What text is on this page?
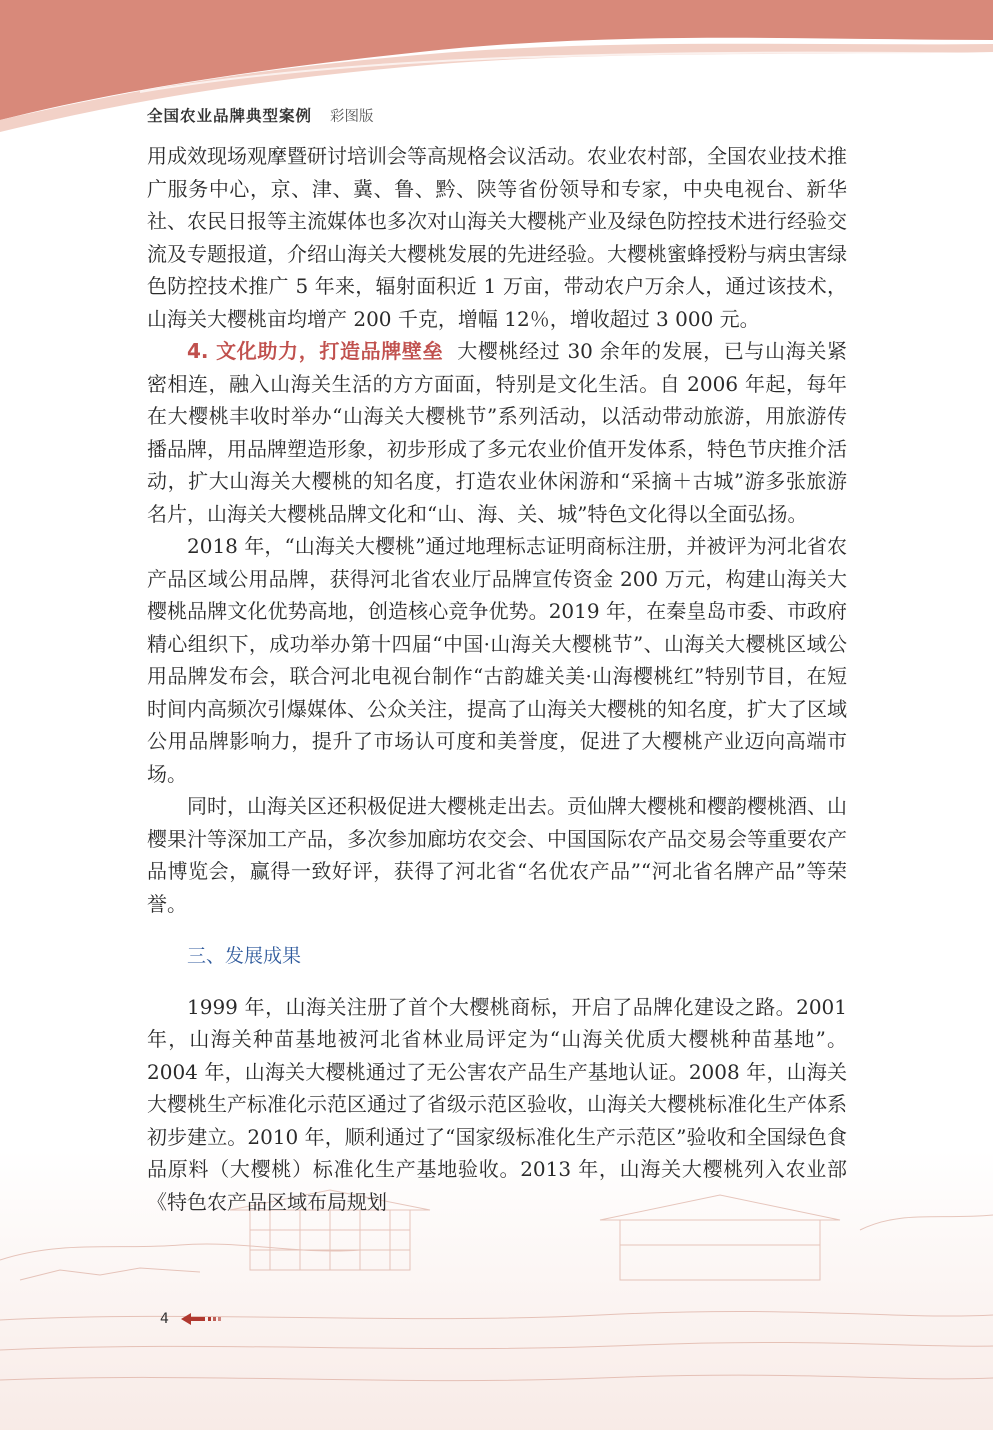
全国农业品牌典型案例 彩图版

用成效现场观摩暨研讨培训会等高规格会议活动。农业农村部，全国农业技术推广服务中心，京、津、冀、鲁、黔、陕等省份领导和专家，中央电视台、新华社、农民日报等主流媒体也多次对山海关大樱桃产业及绿色防控技术进行经验交流及专题报道，介绍山海关大樱桃发展的先进经验。大樱桃蜜蜂授粉与病虫害绿色防控技术推广 5 年来，辐射面积近 1 万亩，带动农户万余人，通过该技术，山海关大樱桃亩均增产 200 千克，增幅 12％，增收超过 3 000 元。

4. 文化助力，打造品牌壁垒 大樱桃经过 30 余年的发展，已与山海关紧密相连，融入山海关生活的方方面面，特别是文化生活。自 2006 年起，每年在大樱桃丰收时举办“山海关大樱桃节”系列活动，以活动带动旅游，用旅游传播品牌，用品牌塑造形象，初步形成了多元农业价值开发体系，特色节庆推介活动，扩大山海关大樱桃的知名度，打造农业休闲游和“采摘＋古城”游多张旅游名片，山海关大樱桃品牌文化和“山、海、关、城”特色文化得以全面弘扬。

2018 年，“山海关大樱桃”通过地理标志证明商标注册，并被评为河北省农产品区域公用品牌，获得河北省农业厅品牌宣传资金 200 万元，构建山海关大樱桃品牌文化优势高地，创造核心竞争优势。2019 年，在秦皇岛市委、市政府精心组织下，成功举办第十四届“中国·山海关大樱桃节”、山海关大樱桃区域公用品牌发布会，联合河北电视台制作“古韵雄关美·山海樱桃红”特别节目，在短时间内高频次引爆媒体、公众关注，提高了山海关大樱桃的知名度，扩大了区域公用品牌影响力，提升了市场认可度和美誉度，促进了大樱桃产业迈向高端市场。

同时，山海关区还积极促进大樱桃走出去。贡仙牌大樱桃和樱韵樱桃酒、山樱果汁等深加工产品，多次参加廊坊农交会、中国国际农产品交易会等重要农产品博览会，赢得一致好评，获得了河北省“名优农产品”“河北省名牌产品”等荣誉。

三、发展成果

1999 年，山海关注册了首个大樱桃商标，开启了品牌化建设之路。2001 年，山海关种苗基地被河北省林业局评定为“山海关优质大樱桃种苗基地”。2004 年，山海关大樱桃通过了无公害农产品生产基地认证。2008 年，山海关大樱桃生产标准化示范区通过了省级示范区验收，山海关大樱桃标准化生产体系初步建立。2010 年，顺利通过了“国家级标准化生产示范区”验收和全国绿色食品原料（大樱桃）标准化生产基地验收。2013 年，山海关大樱桃列入农业部《特色农产品区域布局规划

4
